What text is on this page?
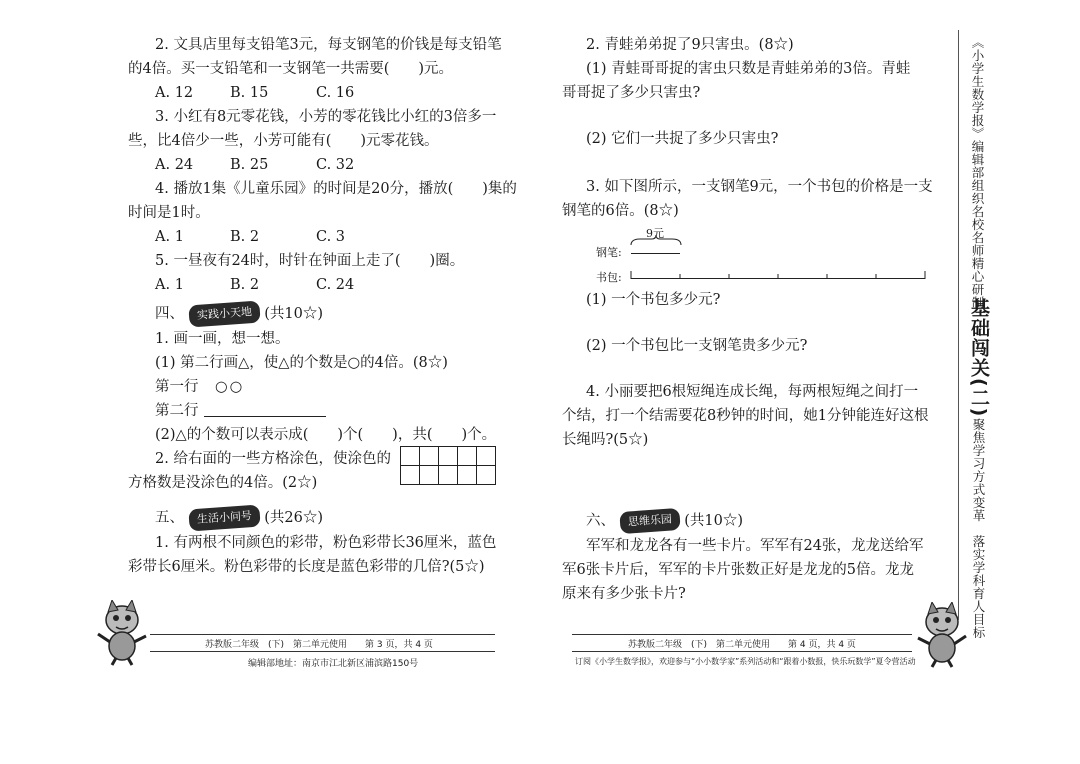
2. 文具店里每支铅笔3元，每支钢笔的价钱是每支铅笔
的4倍。买一支铅笔和一支钢笔一共需要(　　)元。
A. 12	B. 15	C. 16
3. 小红有8元零花钱，小芳的零花钱比小红的3倍多一
些，比4倍少一些，小芳可能有(　　)元零花钱。
A. 24	B. 25	C. 32
4. 播放1集《儿童乐园》的时间是20分，播放(　　)集的
时间是1时。
A. 1	B. 2	C. 3
5. 一昼夜有24时，时针在钟面上走了(　　)圈。
A. 1	B. 2	C. 24
四、 实践小天地 (共10☆)
1. 画一画，想一想。
(1) 第二行画△，使△的个数是○的4倍。(8☆)
第一行 ○○
第二行
(2)△的个数可以表示成(　　)个(　　)，共(　　)个。
2. 给右面的一些方格涂色，使涂色的
方格数是没涂色的4倍。(2☆)
五、 生活小问号 (共26☆)
1. 有两根不同颜色的彩带，粉色彩带长36厘米，蓝色
彩带长6厘米。粉色彩带的长度是蓝色彩带的几倍?(5☆)
苏教版二年级　(下)　第二单元使用　　第 3 页，共 4 页
编辑部地址：南京市江北新区浦滨路150号
2. 青蛙弟弟捉了9只害虫。(8☆)
(1) 青蛙哥哥捉的害虫只数是青蛙弟弟的3倍。青蛙
哥哥捉了多少只害虫?
(2) 它们一共捉了多少只害虫?
3. 如下图所示，一支钢笔9元，一个书包的价格是一支
钢笔的6倍。(8☆)
9元
钢笔:
书包:
(1) 一个书包多少元?
(2) 一个书包比一支钢笔贵多少元?
4. 小丽要把6根短绳连成长绳，每两根短绳之间打一
个结，打一个结需要花8秒钟的时间，她1分钟能连好这根
长绳吗?(5☆)
六、 思维乐园 (共10☆)
军军和龙龙各有一些卡片。军军有24张，龙龙送给军
军6张卡片后，军军的卡片张数正好是龙龙的5倍。龙龙
原来有多少张卡片?
苏教版二年级　(下)　第二单元使用　　第 4 页，共 4 页
订阅《小学生数学报》，欢迎参与“小小数学家”系列活动和“跟着小数报，快乐玩数学”夏令营活动
《小学生数学报》编辑部组织名校名师精心研制
基础闯关(二)
聚焦学习方式变革　落实学科育人目标
